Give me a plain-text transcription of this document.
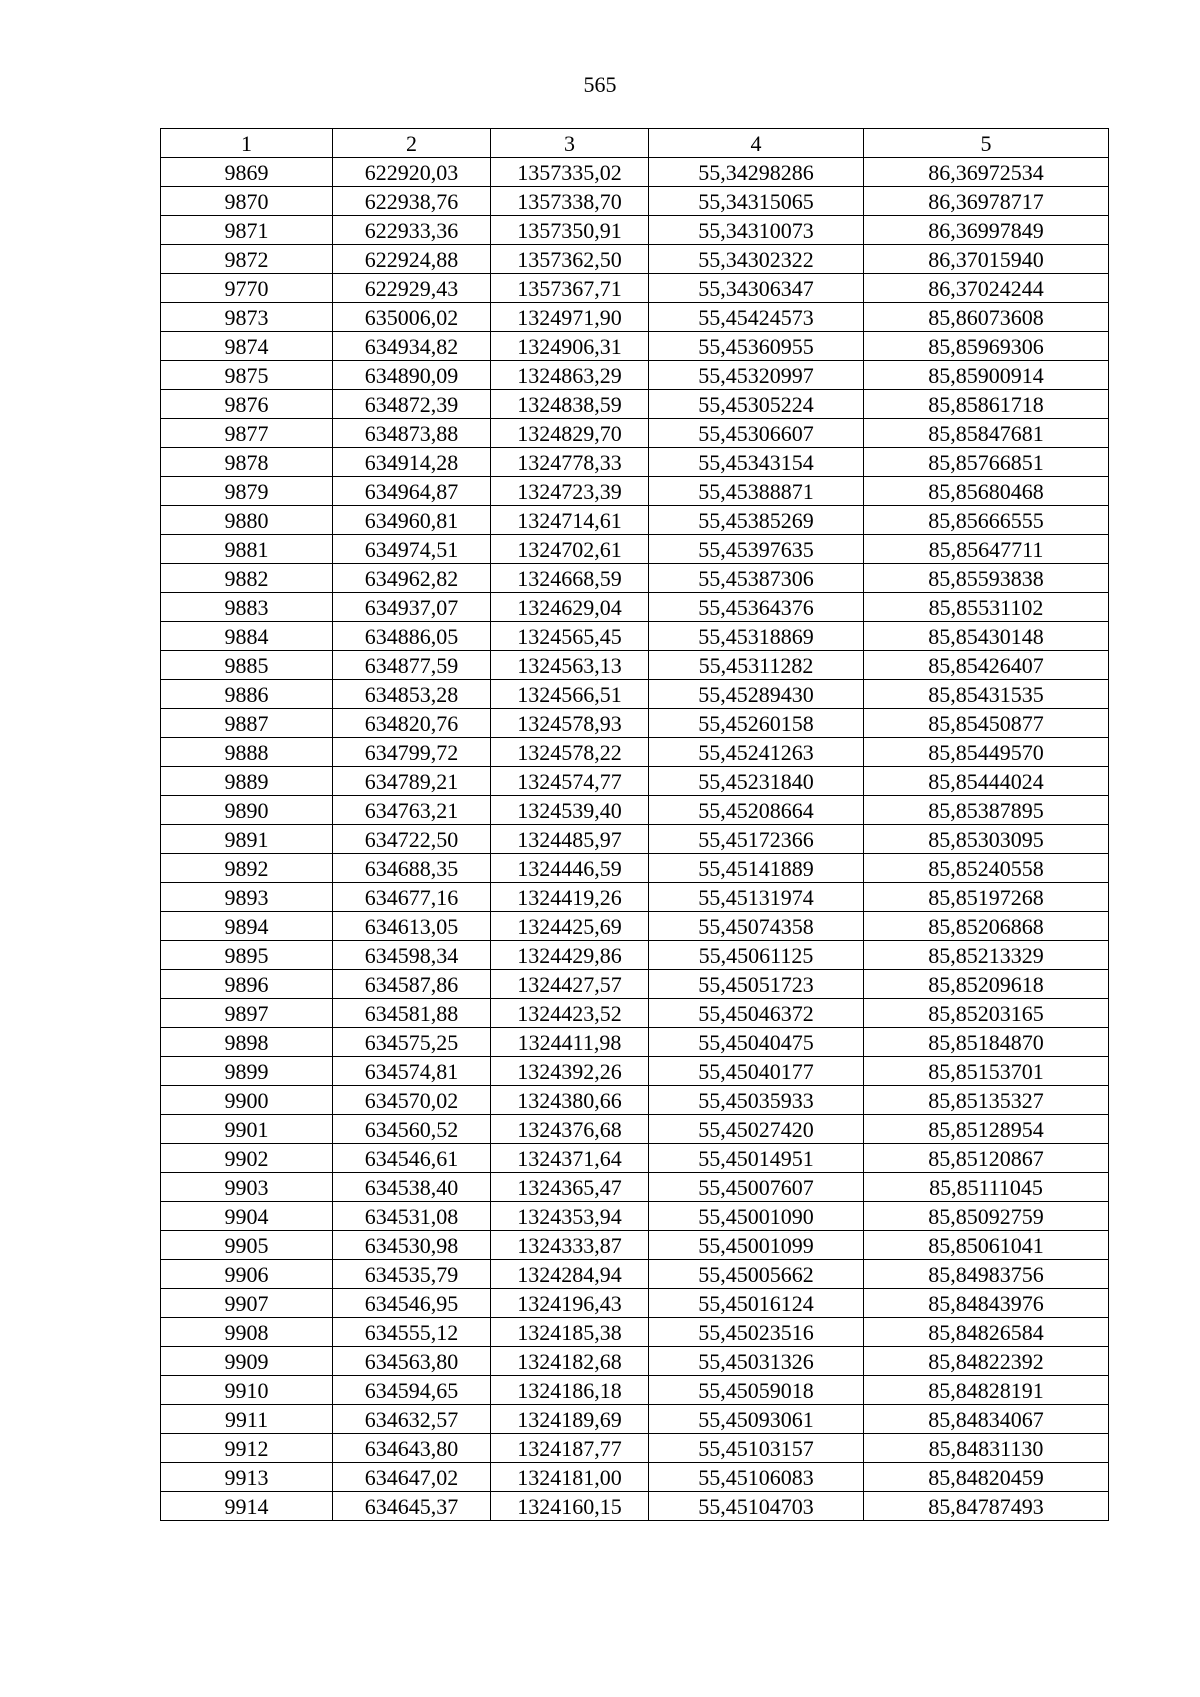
565
1	2	3	4	5
9869	622920,03	1357335,02	55,34298286	86,36972534
9870	622938,76	1357338,70	55,34315065	86,36978717
9871	622933,36	1357350,91	55,34310073	86,36997849
9872	622924,88	1357362,50	55,34302322	86,37015940
9770	622929,43	1357367,71	55,34306347	86,37024244
9873	635006,02	1324971,90	55,45424573	85,86073608
9874	634934,82	1324906,31	55,45360955	85,85969306
9875	634890,09	1324863,29	55,45320997	85,85900914
9876	634872,39	1324838,59	55,45305224	85,85861718
9877	634873,88	1324829,70	55,45306607	85,85847681
9878	634914,28	1324778,33	55,45343154	85,85766851
9879	634964,87	1324723,39	55,45388871	85,85680468
9880	634960,81	1324714,61	55,45385269	85,85666555
9881	634974,51	1324702,61	55,45397635	85,85647711
9882	634962,82	1324668,59	55,45387306	85,85593838
9883	634937,07	1324629,04	55,45364376	85,85531102
9884	634886,05	1324565,45	55,45318869	85,85430148
9885	634877,59	1324563,13	55,45311282	85,85426407
9886	634853,28	1324566,51	55,45289430	85,85431535
9887	634820,76	1324578,93	55,45260158	85,85450877
9888	634799,72	1324578,22	55,45241263	85,85449570
9889	634789,21	1324574,77	55,45231840	85,85444024
9890	634763,21	1324539,40	55,45208664	85,85387895
9891	634722,50	1324485,97	55,45172366	85,85303095
9892	634688,35	1324446,59	55,45141889	85,85240558
9893	634677,16	1324419,26	55,45131974	85,85197268
9894	634613,05	1324425,69	55,45074358	85,85206868
9895	634598,34	1324429,86	55,45061125	85,85213329
9896	634587,86	1324427,57	55,45051723	85,85209618
9897	634581,88	1324423,52	55,45046372	85,85203165
9898	634575,25	1324411,98	55,45040475	85,85184870
9899	634574,81	1324392,26	55,45040177	85,85153701
9900	634570,02	1324380,66	55,45035933	85,85135327
9901	634560,52	1324376,68	55,45027420	85,85128954
9902	634546,61	1324371,64	55,45014951	85,85120867
9903	634538,40	1324365,47	55,45007607	85,85111045
9904	634531,08	1324353,94	55,45001090	85,85092759
9905	634530,98	1324333,87	55,45001099	85,85061041
9906	634535,79	1324284,94	55,45005662	85,84983756
9907	634546,95	1324196,43	55,45016124	85,84843976
9908	634555,12	1324185,38	55,45023516	85,84826584
9909	634563,80	1324182,68	55,45031326	85,84822392
9910	634594,65	1324186,18	55,45059018	85,84828191
9911	634632,57	1324189,69	55,45093061	85,84834067
9912	634643,80	1324187,77	55,45103157	85,84831130
9913	634647,02	1324181,00	55,45106083	85,84820459
9914	634645,37	1324160,15	55,45104703	85,84787493
